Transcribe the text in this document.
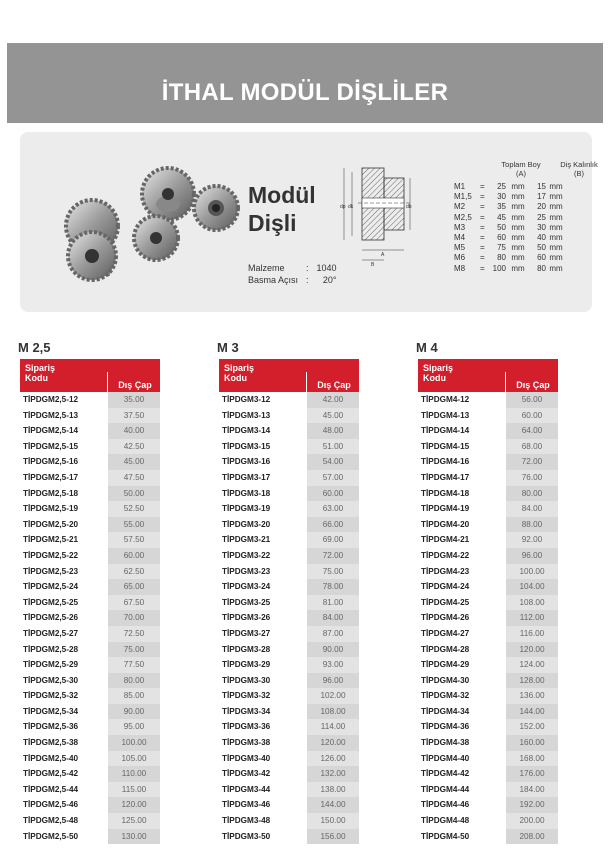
İTHAL MODÜL DİŞLİLER
dp dk	db
A
B
Modül
Dişli
Malzeme : 1040
Basma Açısı : 20°
Toplam Boy
(A)
Diş Kalınlık
(B)
M1 = 25 mm 15 mm
M1,5 = 30 mm 17 mm
M2 = 35 mm 20 mm
M2,5 = 45 mm 25 mm
M3 = 50 mm 30 mm
M4 = 60 mm 40 mm
M5 = 75 mm 50 mm
M6 = 80 mm 60 mm
M8 = 100 mm 80 mm
M 2,5
Sipariş
Kodu
Dış Çap
TİPDGM2,5-12	35.00
TİPDGM2,5-13	37.50
TİPDGM2,5-14	40.00
TİPDGM2,5-15	42.50
TİPDGM2,5-16	45.00
TİPDGM2,5-17	47.50
TİPDGM2,5-18	50.00
TİPDGM2,5-19	52.50
TİPDGM2,5-20	55.00
TİPDGM2,5-21	57.50
TİPDGM2,5-22	60.00
TİPDGM2,5-23	62.50
TİPDGM2,5-24	65.00
TİPDGM2,5-25	67.50
TİPDGM2,5-26	70.00
TİPDGM2,5-27	72.50
TİPDGM2,5-28	75.00
TİPDGM2,5-29	77.50
TİPDGM2,5-30	80.00
TİPDGM2,5-32	85.00
TİPDGM2,5-34	90.00
TİPDGM2,5-36	95.00
TİPDGM2,5-38	100.00
TİPDGM2,5-40	105.00
TİPDGM2,5-42	110.00
TİPDGM2,5-44	115.00
TİPDGM2,5-46	120.00
TİPDGM2,5-48	125.00
TİPDGM2,5-50	130.00
M 3
Sipariş
Kodu
Dış Çap
TİPDGM3-12	42.00
TİPDGM3-13	45.00
TİPDGM3-14	48.00
TİPDGM3-15	51.00
TİPDGM3-16	54.00
TİPDGM3-17	57.00
TİPDGM3-18	60.00
TİPDGM3-19	63.00
TİPDGM3-20	66.00
TİPDGM3-21	69.00
TİPDGM3-22	72.00
TİPDGM3-23	75.00
TİPDGM3-24	78.00
TİPDGM3-25	81.00
TİPDGM3-26	84.00
TİPDGM3-27	87.00
TİPDGM3-28	90.00
TİPDGM3-29	93.00
TİPDGM3-30	96.00
TİPDGM3-32	102.00
TİPDGM3-34	108.00
TİPDGM3-36	114.00
TİPDGM3-38	120.00
TİPDGM3-40	126.00
TİPDGM3-42	132.00
TİPDGM3-44	138.00
TİPDGM3-46	144.00
TİPDGM3-48	150.00
TİPDGM3-50	156.00
M 4
Sipariş
Kodu
Dış Çap
TİPDGM4-12	56.00
TİPDGM4-13	60.00
TİPDGM4-14	64.00
TİPDGM4-15	68.00
TİPDGM4-16	72.00
TİPDGM4-17	76.00
TİPDGM4-18	80.00
TİPDGM4-19	84.00
TİPDGM4-20	88.00
TİPDGM4-21	92.00
TİPDGM4-22	96.00
TİPDGM4-23	100.00
TİPDGM4-24	104.00
TİPDGM4-25	108.00
TİPDGM4-26	112.00
TİPDGM4-27	116.00
TİPDGM4-28	120.00
TİPDGM4-29	124.00
TİPDGM4-30	128.00
TİPDGM4-32	136.00
TİPDGM4-34	144.00
TİPDGM4-36	152.00
TİPDGM4-38	160.00
TİPDGM4-40	168.00
TİPDGM4-42	176.00
TİPDGM4-44	184.00
TİPDGM4-46	192.00
TİPDGM4-48	200.00
TİPDGM4-50	208.00
